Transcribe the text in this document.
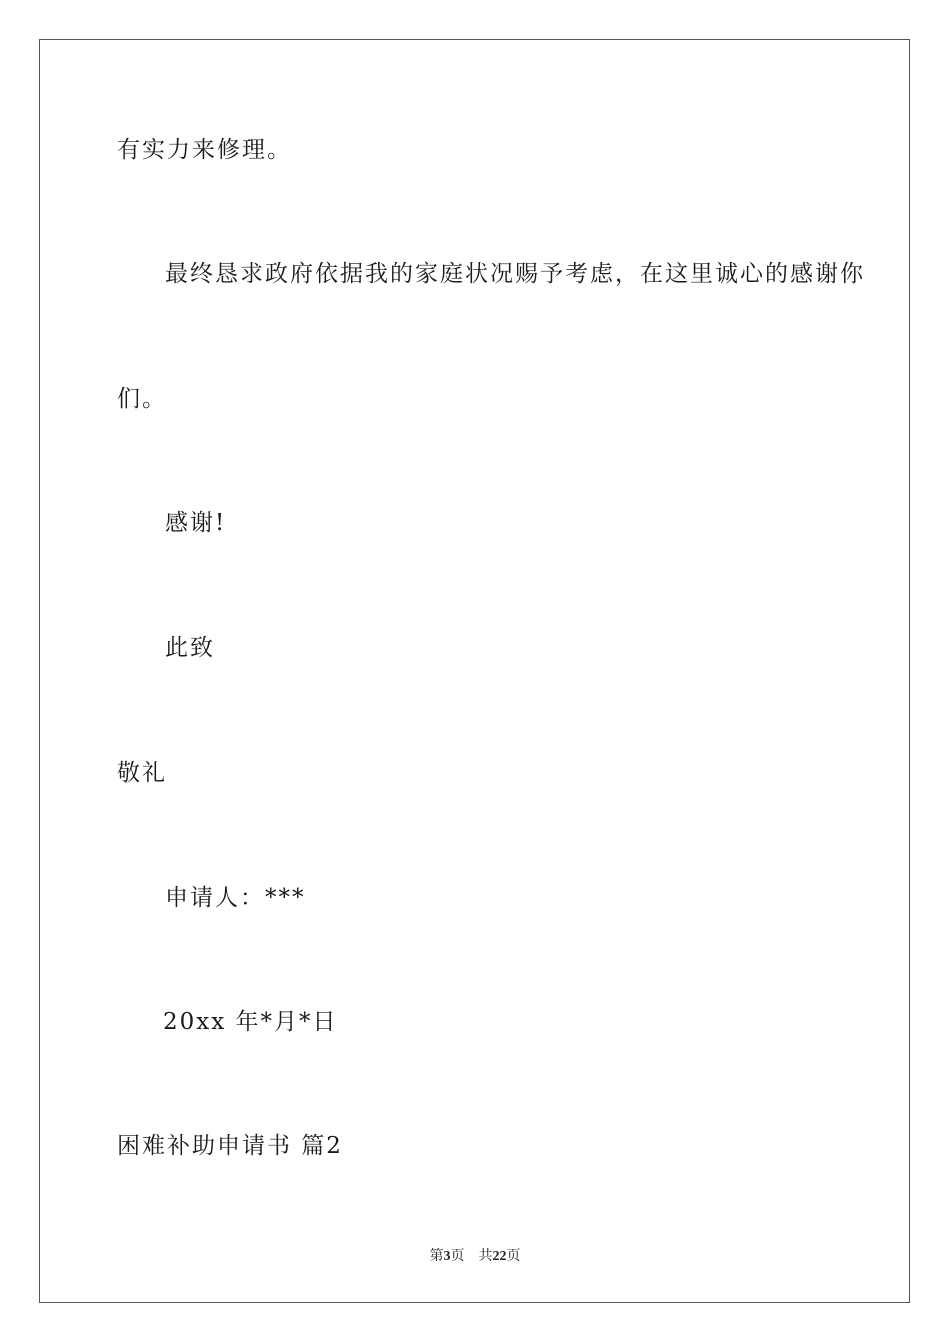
有实力来修理。
最终恳求政府依据我的家庭状况赐予考虑，在这里诚心的感谢你
们。
感谢!
此致
敬礼
申请人：***
20xx 年*月*日
困难补助申请书 篇2
第3页 共22页
